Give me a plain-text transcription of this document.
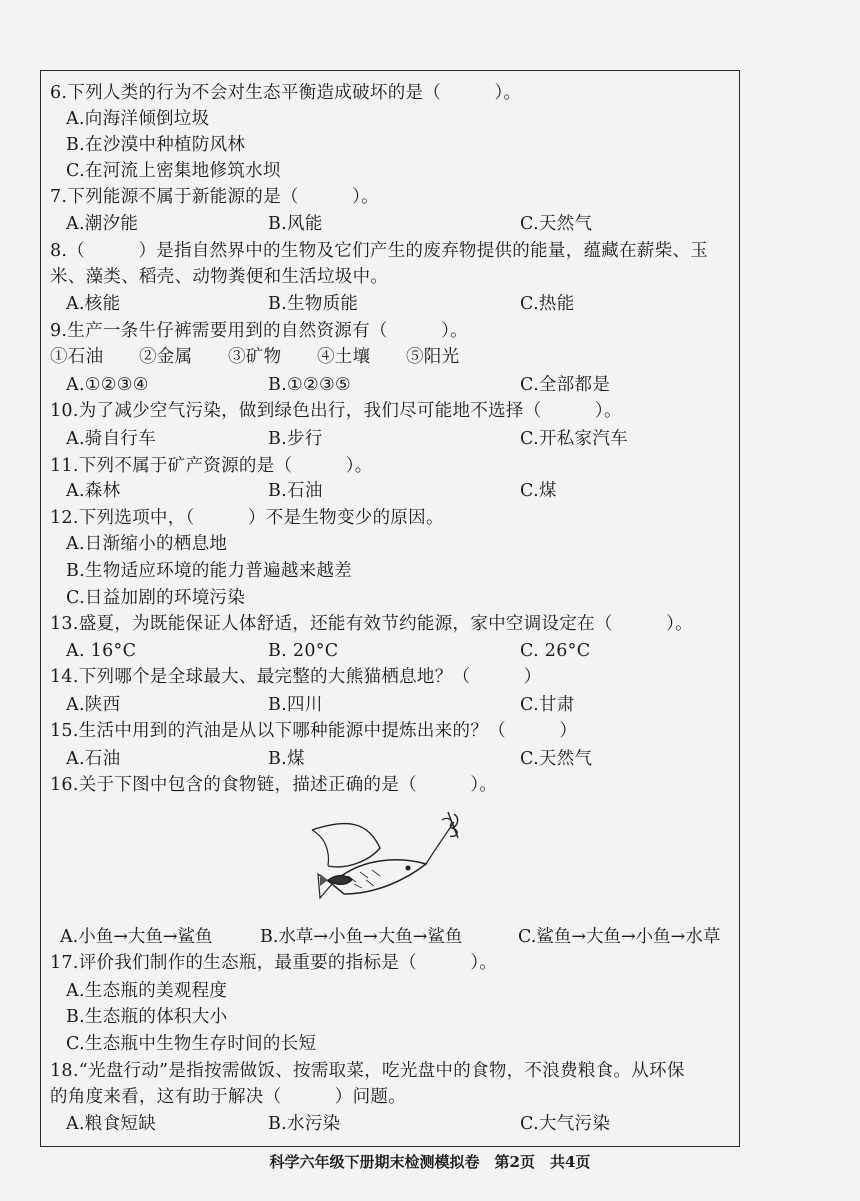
6.下列人类的行为不会对生态平衡造成破坏的是（　　　）。
A.向海洋倾倒垃圾
B.在沙漠中种植防风林
C.在河流上密集地修筑水坝
7.下列能源不属于新能源的是（　　　）。
A.潮汐能	B.风能	C.天然气
8.（　　　）是指自然界中的生物及它们产生的废弃物提供的能量，蕴藏在薪柴、玉
米、藻类、稻壳、动物粪便和生活垃圾中。
A.核能	B.生物质能	C.热能
9.生产一条牛仔裤需要用到的自然资源有（　　　）。
①石油　　②金属　　③矿物　　④土壤　　⑤阳光
A.①②③④	B.①②③⑤	C.全部都是
10.为了减少空气污染，做到绿色出行，我们尽可能地不选择（　　　）。
A.骑自行车	B.步行	C.开私家汽车
11.下列不属于矿产资源的是（　　　）。
A.森林	B.石油	C.煤
12.下列选项中，（　　　）不是生物变少的原因。
A.日渐缩小的栖息地
B.生物适应环境的能力普遍越来越差
C.日益加剧的环境污染
13.盛夏，为既能保证人体舒适，还能有效节约能源，家中空调设定在（　　　）。
A. 16°C	B. 20°C	C. 26°C
14.下列哪个是全球最大、最完整的大熊猫栖息地？（　　　）
A.陕西	B.四川	C.甘肃
15.生活中用到的汽油是从以下哪种能源中提炼出来的？（　　　）
A.石油	B.煤	C.天然气
16.关于下图中包含的食物链，描述正确的是（　　　）。
A.小鱼→大鱼→鲨鱼	B.水草→小鱼→大鱼→鲨鱼	C.鲨鱼→大鱼→小鱼→水草
17.评价我们制作的生态瓶，最重要的指标是（　　　）。
A.生态瓶的美观程度
B.生态瓶的体积大小
C.生态瓶中生物生存时间的长短
18.“光盘行动”是指按需做饭、按需取菜，吃光盘中的食物，不浪费粮食。从环保
的角度来看，这有助于解决（　　　）问题。
A.粮食短缺	B.水污染	C.大气污染
科学六年级下册期末检测模拟卷　第2页　共4页
